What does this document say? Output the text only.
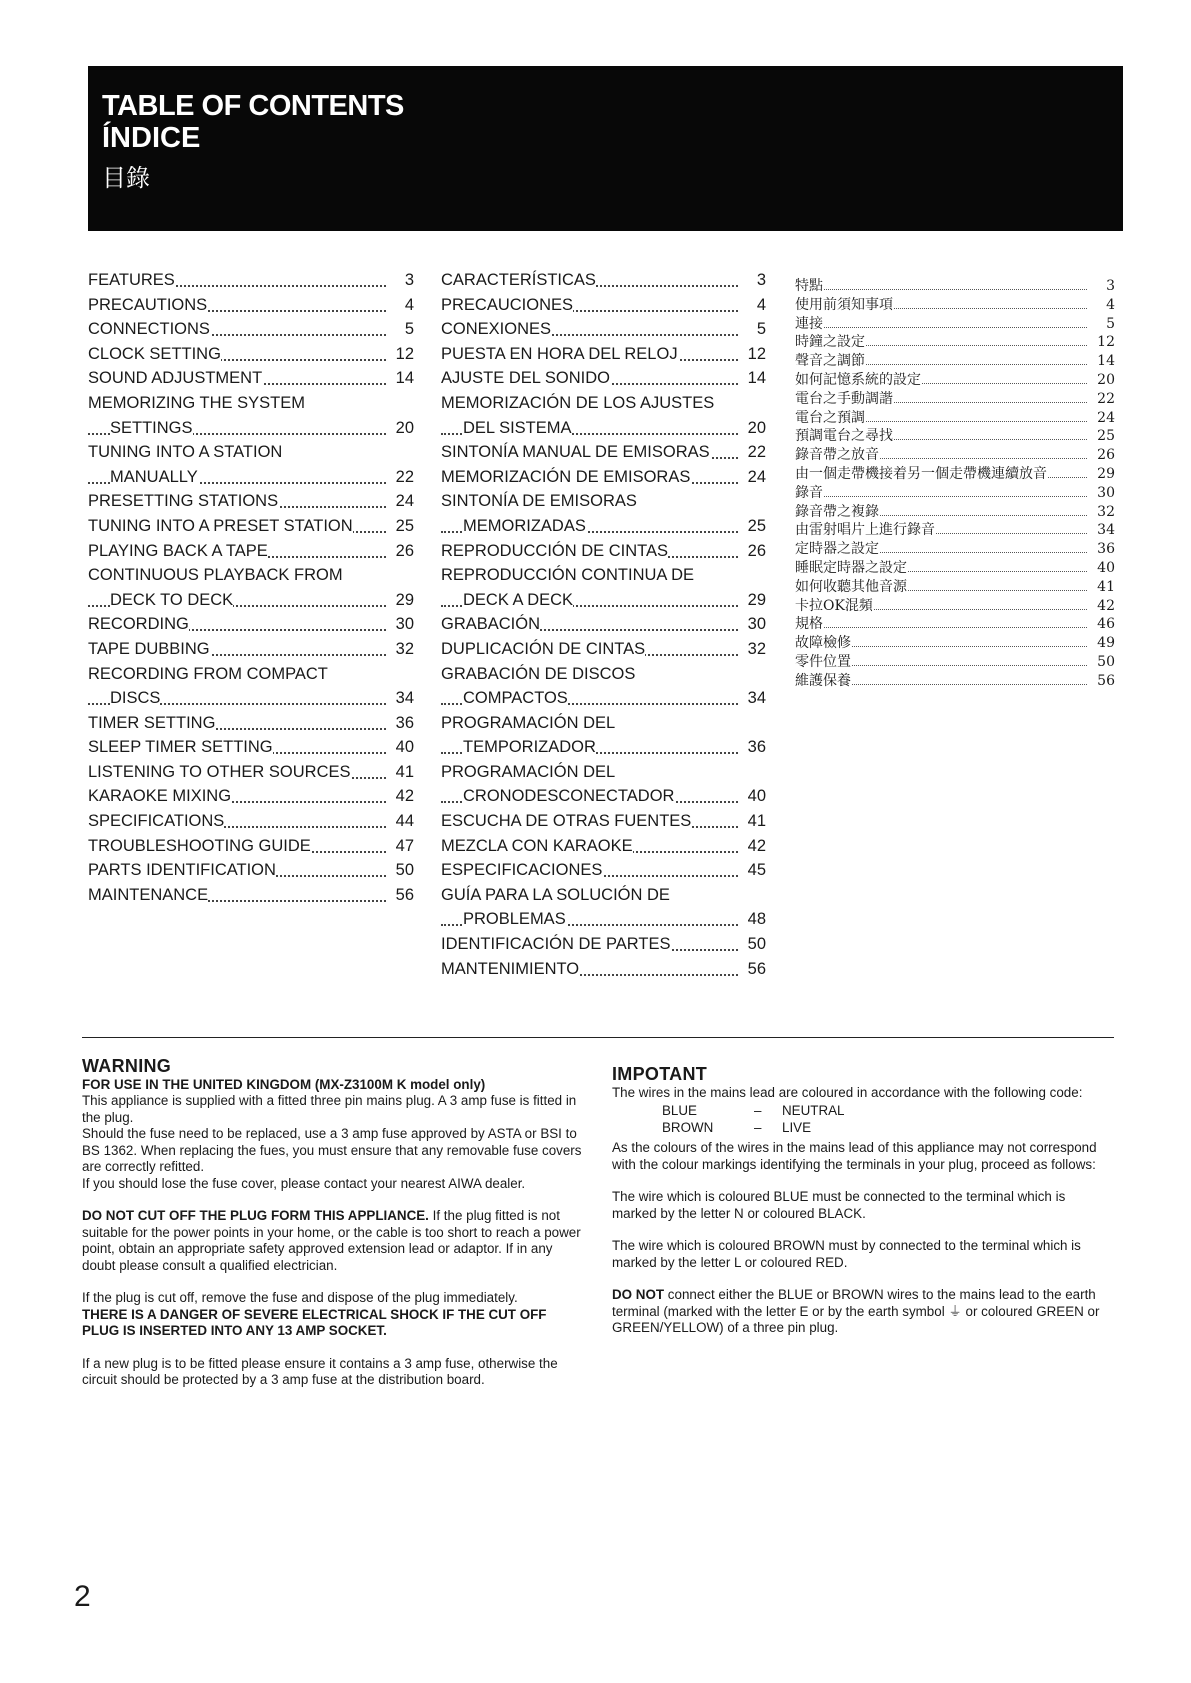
TABLE OF CONTENTS
ÍNDICE
目錄
FEATURES	3
PRECAUTIONS	4
CONNECTIONS	5
CLOCK SETTING	12
SOUND ADJUSTMENT	14
MEMORIZING THE SYSTEM
SETTINGS	20
TUNING INTO A STATION
MANUALLY	22
PRESETTING STATIONS	24
TUNING INTO A PRESET STATION	25
PLAYING BACK A TAPE	26
CONTINUOUS PLAYBACK FROM
DECK TO DECK	29
RECORDING	30
TAPE DUBBING	32
RECORDING FROM COMPACT
DISCS	34
TIMER SETTING	36
SLEEP TIMER SETTING	40
LISTENING TO OTHER SOURCES	41
KARAOKE MIXING	42
SPECIFICATIONS	44
TROUBLESHOOTING GUIDE	47
PARTS IDENTIFICATION	50
MAINTENANCE	56
CARACTERÍSTICAS	3
PRECAUCIONES	4
CONEXIONES	5
PUESTA EN HORA DEL RELOJ	12
AJUSTE DEL SONIDO	14
MEMORIZACIÓN DE LOS AJUSTES
DEL SISTEMA	20
SINTONÍA MANUAL DE EMISORAS 22
MEMORIZACIÓN DE EMISORAS	24
SINTONÍA DE EMISORAS
MEMORIZADAS	25
REPRODUCCIÓN DE CINTAS	26
REPRODUCCIÓN CONTINUA DE
DECK A DECK	29
GRABACIÓN	30
DUPLICACIÓN DE CINTAS	32
GRABACIÓN DE DISCOS
COMPACTOS	34
PROGRAMACIÓN DEL
TEMPORIZADOR	36
PROGRAMACIÓN DEL
CRONODESCONECTADOR	40
ESCUCHA DE OTRAS FUENTES	41
MEZCLA CON KARAOKE	42
ESPECIFICACIONES	45
GUÍA PARA LA SOLUCIÓN DE
PROBLEMAS	48
IDENTIFICACIÓN DE PARTES	50
MANTENIMIENTO	56
特點	3
使用前須知事項	4
連接	5
時鐘之設定	12
聲音之調節	14
如何記憶系統的設定	20
電台之手動調諧	22
電台之預調	24
預調電台之尋找	25
錄音帶之放音	26
由一個走帶機接着另一個走帶機連續放音	29
錄音	30
錄音帶之複錄	32
由雷射唱片上進行錄音	34
定時器之設定	36
睡眠定時器之設定	40
如何收聽其他音源	41
卡拉OK混頻	42
規格	46
故障檢修	49
零件位置	50
維護保養	56
WARNING
FOR USE IN THE UNITED KINGDOM (MX-Z3100M K model only)
This appliance is supplied with a fitted three pin mains plug. A 3 amp fuse is fitted in the plug.
Should the fuse need to be replaced, use a 3 amp fuse approved by ASTA or BSI to BS 1362. When replacing the fues, you must ensure that any removable fuse covers are correctly refitted.

If you should lose the fuse cover, please contact your nearest AIWA dealer.

DO NOT CUT OFF THE PLUG FORM THIS APPLIANCE. If the plug fitted is not suitable for the power points in your home, or the cable is too short to reach a power point, obtain an appropriate safety approved extension lead or adaptor. If in any doubt please consult a qualified electrician.

If the plug is cut off, remove the fuse and dispose of the plug immediately.

THERE IS A DANGER OF SEVERE ELECTRICAL SHOCK IF THE CUT OFF PLUG IS INSERTED INTO ANY 13 AMP SOCKET.

If a new plug is to be fitted please ensure it contains a 3 amp fuse, otherwise the circuit should be protected by a 3 amp fuse at the distribution board.

IMPOTANT
The wires in the mains lead are coloured in accordance with the following code:
BLUE	– NEUTRAL
BROWN	– LIVE

As the colours of the wires in the mains lead of this appliance may not correspond with the colour markings identifying the terminals in your plug, proceed as follows:

The wire which is coloured BLUE must be connected to the terminal which is marked by the letter N or coloured BLACK.

The wire which is coloured BROWN must by connected to the terminal which is marked by the letter L or coloured RED.

DO NOT connect either the BLUE or BROWN wires to the mains lead to the earth terminal (marked with the letter E or by the earth symbol ⏚ or coloured GREEN or GREEN/YELLOW) of a three pin plug.

2
